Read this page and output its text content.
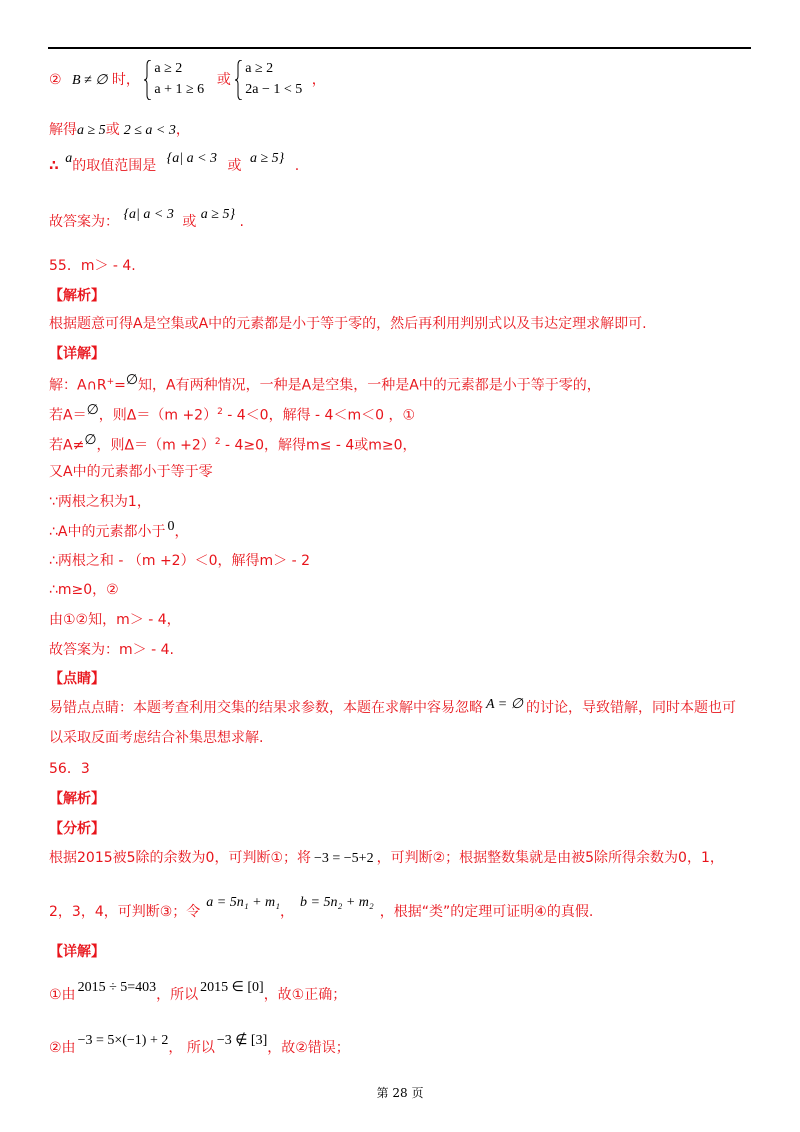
② B ≠ ∅ 时，
a ≥ 2
a + 1 ≥ 6
或
a ≥ 2
2a − 1 < 5
，
解得a ≥ 5或 2 ≤ a < 3，
∴ a的取值范围是 {a| a < 3 或 a ≥ 5} .
故答案为： {a| a < 3 或 a ≥ 5} .
55．m＞ - 4.
【解析】
根据题意可得A是空集或A中的元素都是小于等于零的，然后再利用判别式以及韦达定理求解即可.
【详解】
解：A∩R+=∅知，A有两种情况，一种是A是空集，一种是A中的元素都是小于等于零的，
若A＝∅，则$\Delta=(m +2)^2 - 4<0$，解得 - 4＜m＜0 ，①
若A≠∅，则$\Delta=(m +2)^2 - 4\ge 0$，解得m≤ - 4或m≥0，
又A中的元素都小于等于零
∵两根之积为1，
∴A中的元素都小于 0，
∴两根之和 - （m +2）＜0，解得m＞ - 2
∴m≥0，②
由①②知，m＞ - 4，
故答案为：m＞ - 4.
【点睛】
易错点点睛：本题考查利用交集的结果求参数，本题在求解中容易忽略 A = ∅ 的讨论，导致错解，同时本题也可
以采取反面考虑结合补集思想求解.
56．3
【解析】
【分析】
根据2015被5除的余数为0，可判断①；将 −3 = −5+2 ，可判断②；根据整数集就是由被5除所得余数为0，1，
2，3，4，可判断③；令a = 5n₁ + m₁，b = 5n₂ + m₂，根据“类”的定理可证明④的真假.
【详解】
①由 2015 ÷ 5=403，所以 2015 ∈ [0]，故①正确；
②由 −3 = 5×(−1) + 2， 所以 −3 ∉ [3]，故②错误；
第 28 页
